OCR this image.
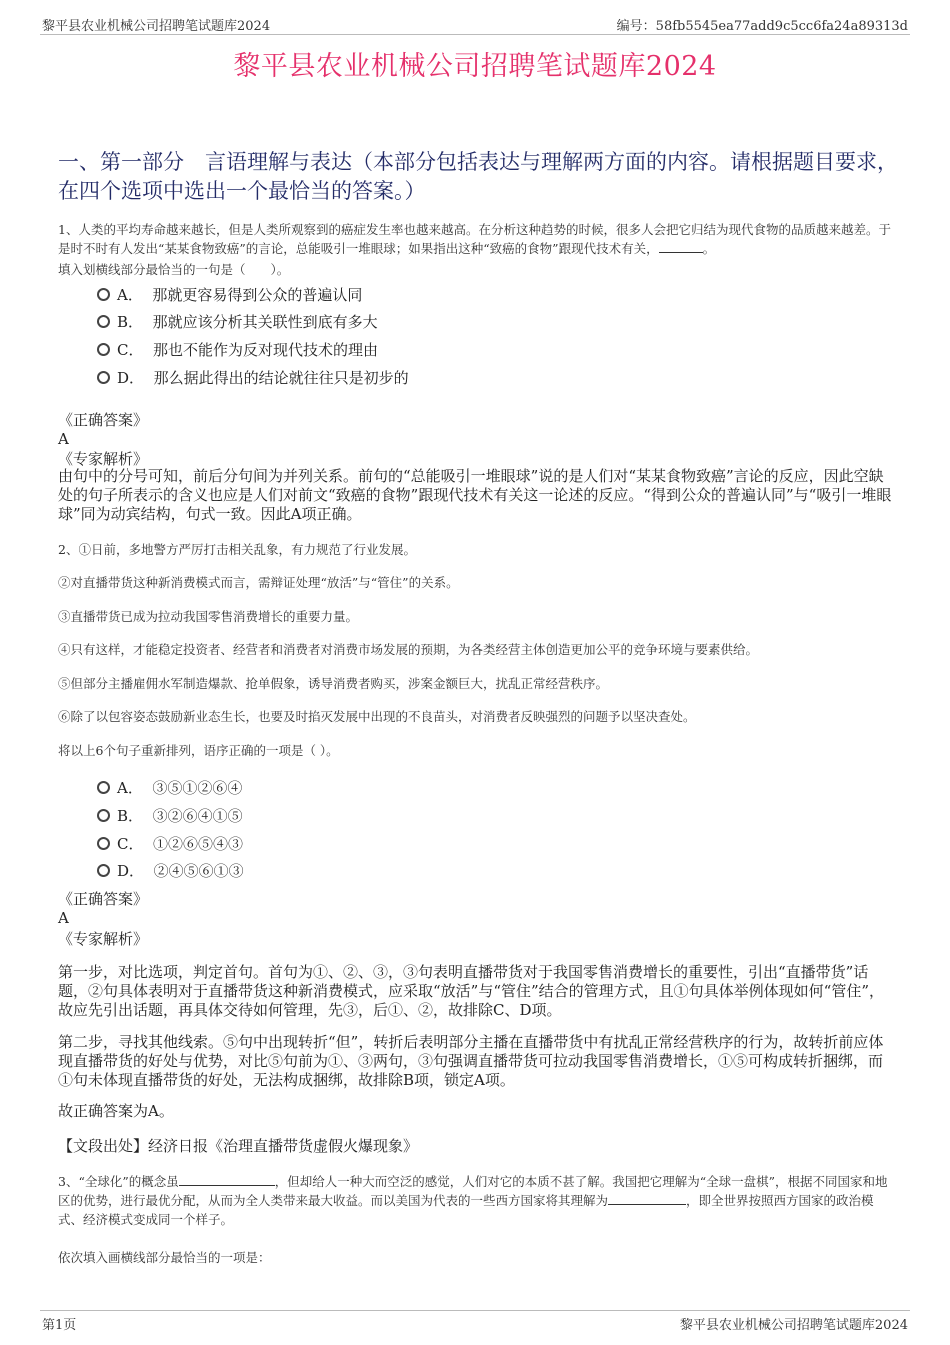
黎平县农业机械公司招聘笔试题库2024	编号：58fb5545ea77add9c5cc6fa24a89313d
黎平县农业机械公司招聘笔试题库2024
一、第一部分　言语理解与表达（本部分包括表达与理解两方面的内容。请根据题目要求，在四个选项中选出一个最恰当的答案。）
1、人类的平均寿命越来越长，但是人类所观察到的癌症发生率也越来越高。在分析这种趋势的时候，很多人会把它归结为现代食物的品质越来越差。于是时不时有人发出“某某食物致癌”的言论，总能吸引一堆眼球；如果指出这种“致癌的食物”跟现代技术有关，	。
填入划横线部分最恰当的一句是（　　）。
A． 那就更容易得到公众的普遍认同
B． 那就应该分析其关联性到底有多大
C． 那也不能作为反对现代技术的理由
D． 那么据此得出的结论就往往只是初步的
《正确答案》
A
《专家解析》
由句中的分号可知，前后分句间为并列关系。前句的“总能吸引一堆眼球”说的是人们对“某某食物致癌”言论的反应，因此空缺处的句子所表示的含义也应是人们对前文“致癌的食物”跟现代技术有关这一论述的反应。“得到公众的普遍认同”与“吸引一堆眼球”同为动宾结构，句式一致。因此A项正确。
2、①日前，多地警方严厉打击相关乱象，有力规范了行业发展。
②对直播带货这种新消费模式而言，需辩证处理“放活”与“管住”的关系。
③直播带货已成为拉动我国零售消费增长的重要力量。
④只有这样，才能稳定投资者、经营者和消费者对消费市场发展的预期，为各类经营主体创造更加公平的竞争环境与要素供给。
⑤但部分主播雇佣水军制造爆款、抢单假象，诱导消费者购买，涉案金额巨大，扰乱正常经营秩序。
⑥除了以包容姿态鼓励新业态生长，也要及时掐灭发展中出现的不良苗头，对消费者反映强烈的问题予以坚决查处。
将以上6个句子重新排列，语序正确的一项是（ ）。
A． ③⑤①②⑥④
B． ③②⑥④①⑤
C． ①②⑥⑤④③
D． ②④⑤⑥①③
《正确答案》
A
《专家解析》
第一步，对比选项，判定首句。首句为①、②、③，③句表明直播带货对于我国零售消费增长的重要性，引出“直播带货”话题，②句具体表明对于直播带货这种新消费模式，应采取“放活”与“管住”结合的管理方式，且①句具体举例体现如何“管住”，故应先引出话题，再具体交待如何管理，先③，后①、②，故排除C、D项。
第二步，寻找其他线索。⑤句中出现转折“但”，转折后表明部分主播在直播带货中有扰乱正常经营秩序的行为，故转折前应体现直播带货的好处与优势，对比⑤句前为①、③两句，③句强调直播带货可拉动我国零售消费增长，①⑤可构成转折捆绑，而①句未体现直播带货的好处，无法构成捆绑，故排除B项，锁定A项。
故正确答案为A。
【文段出处】经济日报《治理直播带货虚假火爆现象》
3、“全球化”的概念虽	，但却给人一种大而空泛的感觉，人们对它的本质不甚了解。我国把它理解为“全球一盘棋”，根据不同国家和地区的优势，进行最优分配，从而为全人类带来最大收益。而以美国为代表的一些西方国家将其理解为	，即全世界按照西方国家的政治模式、经济模式变成同一个样子。
依次填入画横线部分最恰当的一项是：
第1页	黎平县农业机械公司招聘笔试题库2024
